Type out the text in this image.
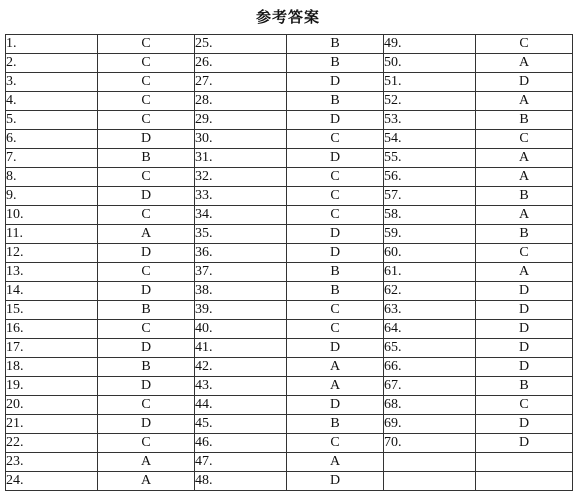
参考答案
1.	C	25.	B	49.	C
2.	C	26.	B	50.	A
3.	C	27.	D	51.	D
4.	C	28.	B	52.	A
5.	C	29.	D	53.	B
6.	D	30.	C	54.	C
7.	B	31.	D	55.	A
8.	C	32.	C	56.	A
9.	D	33.	C	57.	B
10.	C	34.	C	58.	A
11.	A	35.	D	59.	B
12.	D	36.	D	60.	C
13.	C	37.	B	61.	A
14.	D	38.	B	62.	D
15.	B	39.	C	63.	D
16.	C	40.	C	64.	D
17.	D	41.	D	65.	D
18.	B	42.	A	66.	D
19.	D	43.	A	67.	B
20.	C	44.	D	68.	C
21.	D	45.	B	69.	D
22.	C	46.	C	70.	D
23.	A	47.	A		
24.	A	48.	D		
